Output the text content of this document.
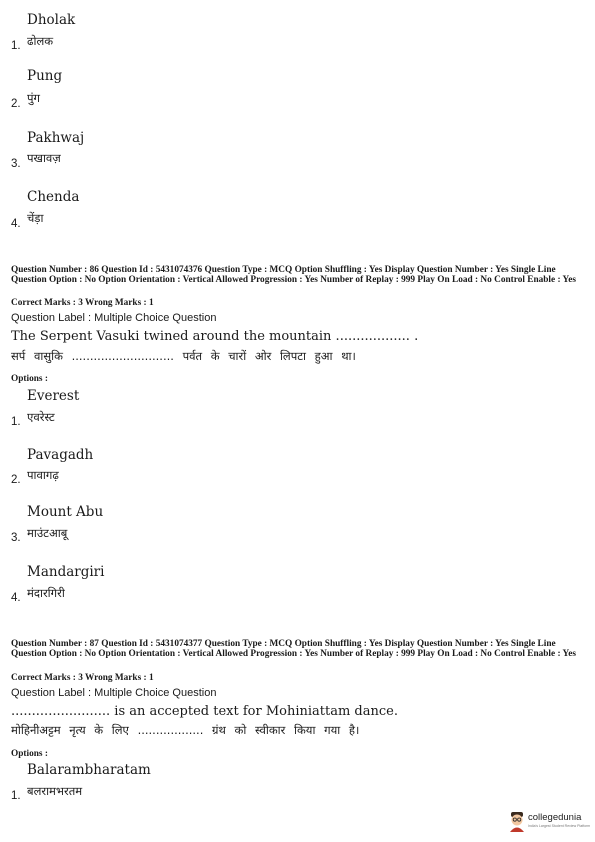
Dholak
1. ढोलक
Pung
2. पुंग
Pakhwaj
3. पखावज़
Chenda
4. चेंड़ा
Question Number : 86 Question Id : 5431074376 Question Type : MCQ Option Shuffling : Yes Display Question Number : Yes Single Line Question Option : No Option Orientation : Vertical Allowed Progression : Yes Number of Replay : 999 Play On Load : No Control Enable : Yes
Correct Marks : 3 Wrong Marks : 1
Question Label : Multiple Choice Question
The Serpent Vasuki twined around the mountain .................. .
सर्प वासुकि ............................ पर्वत के चारों ओर लिपटा हुआ था।
Options :
Everest
1. एवरेस्ट
Pavagadh
2. पावागढ़
Mount Abu
3. माउंटआबू
Mandargiri
4. मंदारगिरी
Question Number : 87 Question Id : 5431074377 Question Type : MCQ Option Shuffling : Yes Display Question Number : Yes Single Line Question Option : No Option Orientation : Vertical Allowed Progression : Yes Number of Replay : 999 Play On Load : No Control Enable : Yes
Correct Marks : 3 Wrong Marks : 1
Question Label : Multiple Choice Question
........................ is an accepted text for Mohiniattam dance.
मोहिनीअट्टम नृत्य के लिए .................. ग्रंथ को स्वीकार किया गया है।
Options :
Balarambharatam
1. बलरामभरतम
collegedunia
India's Largest Student Review Platform
